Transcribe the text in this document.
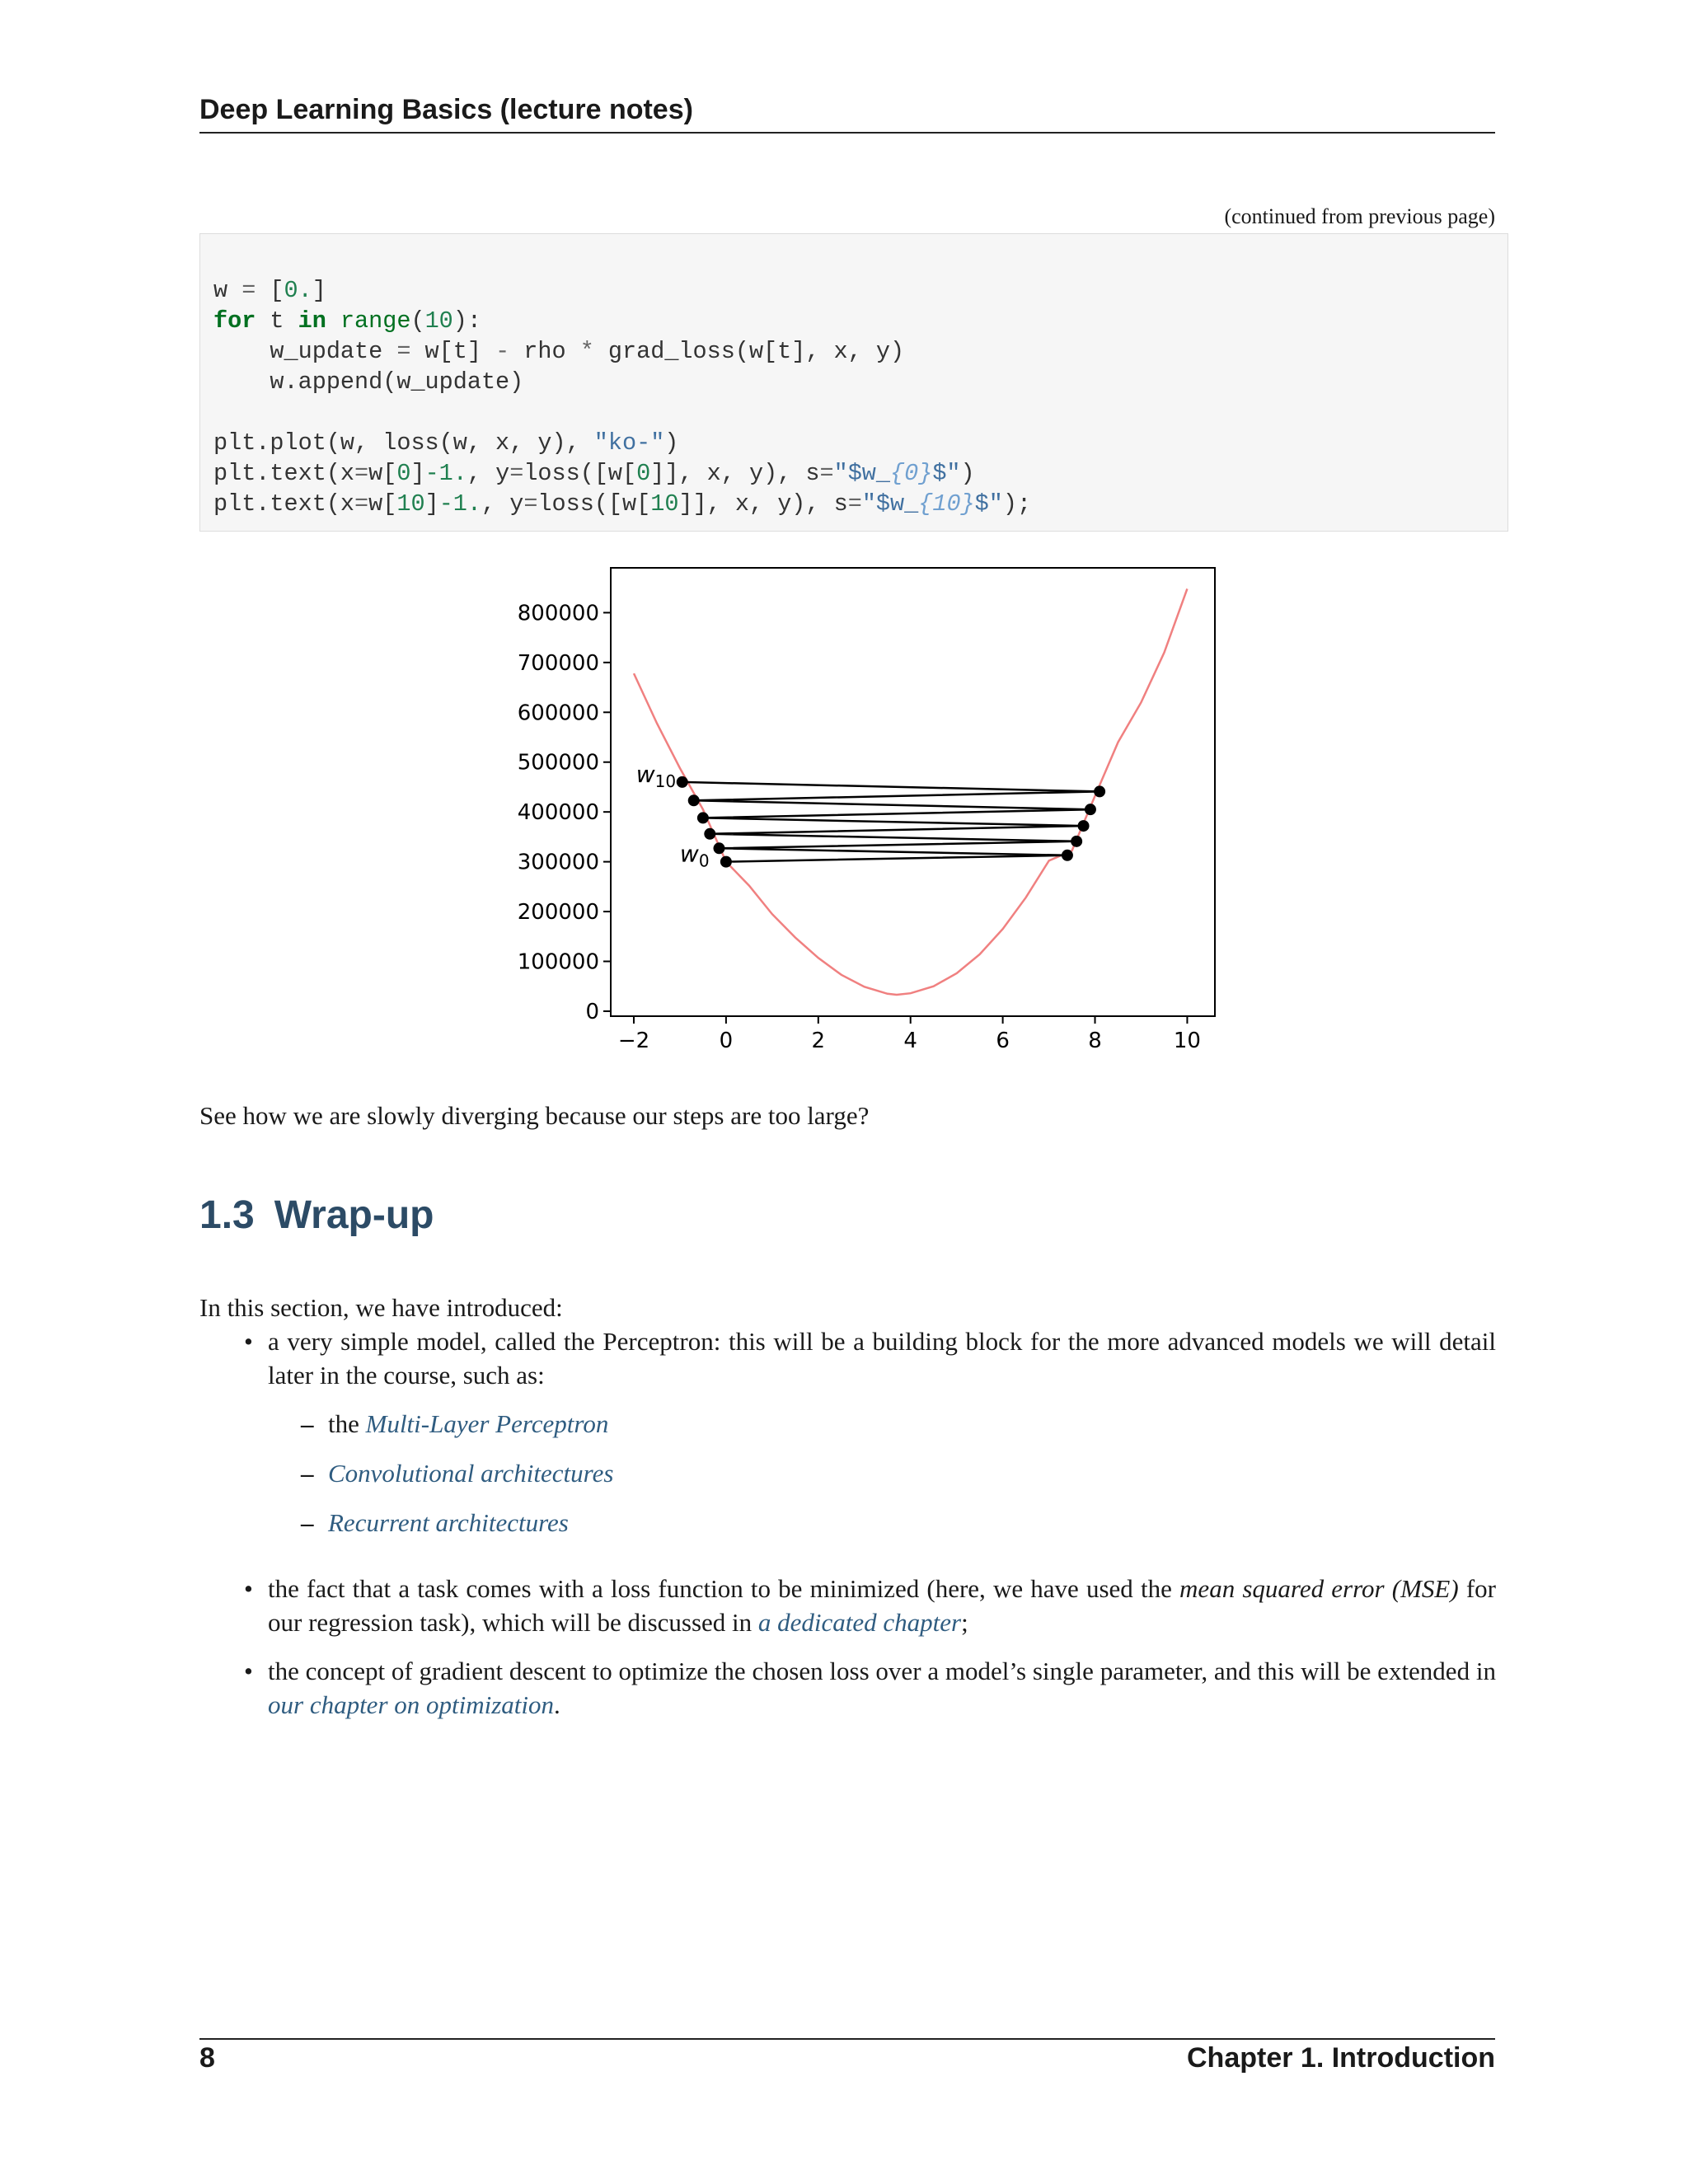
Deep Learning Basics (lecture notes)
(continued from previous page)
w = [0.]
for t in range(10):
w_update = w[t] - rho * grad_loss(w[t], x, y)
w.append(w_update)
plt.plot(w, loss(w, x, y), "ko-")
plt.text(x=w[0]-1., y=loss([w[0]], x, y), s="$w_{0}$")
plt.text(x=w[10]-1., y=loss([w[10]], x, y), s="$w_{10}$");
0
100000
200000
300000
400000
500000
600000
700000
800000
−2	0	2	4	6	8	10
$w_0$
$w_{10}$
See how we are slowly diverging because our steps are too large?
1.3 Wrap-up
In this section, we have introduced:
• a very simple model, called the Perceptron: this will be a building block for the more advanced models we will detail later in the course, such as:
– the Multi-Layer Perceptron
– Convolutional architectures
– Recurrent architectures
• the fact that a task comes with a loss function to be minimized (here, we have used the mean squared error (MSE) for our regression task), which will be discussed in a dedicated chapter;
• the concept of gradient descent to optimize the chosen loss over a model’s single parameter, and this will be extended in our chapter on optimization.
8	Chapter 1. Introduction
